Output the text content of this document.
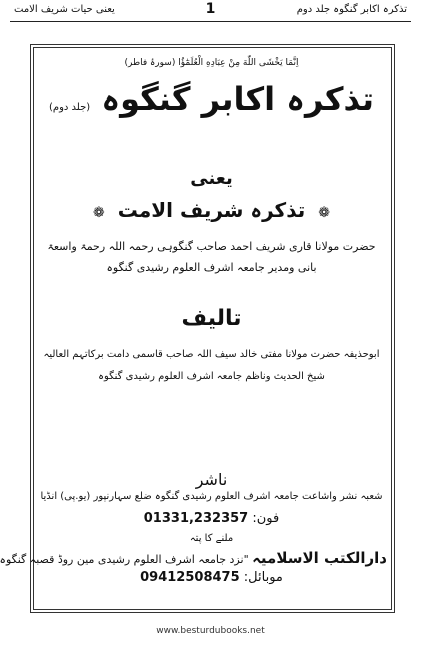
تذکرہ اکابر گنگوہ جلد دوم
1
یعنی حیات شریف الامت
اِنَّمَا یَخْشَى اللّٰهَ مِنْ عِبَادِهِ الْعُلَمٰٓؤُا (سورۂ فاطر)
تذکرہ اکابر گنگوہ (جلد دوم)
یعنی
❁ تذکرہ شریف الامت ❁
حضرت مولانا قاری شریف احمد صاحب گنگوہی رحمہ اللہ رحمۃ واسعۃ
بانی ومدیر جامعہ اشرف العلوم رشیدی گنگوہ
تالیف
ابوحذیفہ حضرت مولانا مفتی خالد سیف اللہ صاحب قاسمی دامت برکاتہم العالیہ
شیخ الحدیث وناظم جامعہ اشرف العلوم رشیدی گنگوہ
ناشر
شعبہ نشر واشاعت جامعہ اشرف العلوم رشیدی گنگوہ ضلع سہارنپور (یو.پی) انڈیا
فون: 01331,232357
ملنے کا پتہ
دارالکتب الاسلامیہ "نزد جامعہ اشرف العلوم رشیدی مین روڈ قصبہ گنگوہ
موبائل: 09412508475
www.besturdubooks.net
